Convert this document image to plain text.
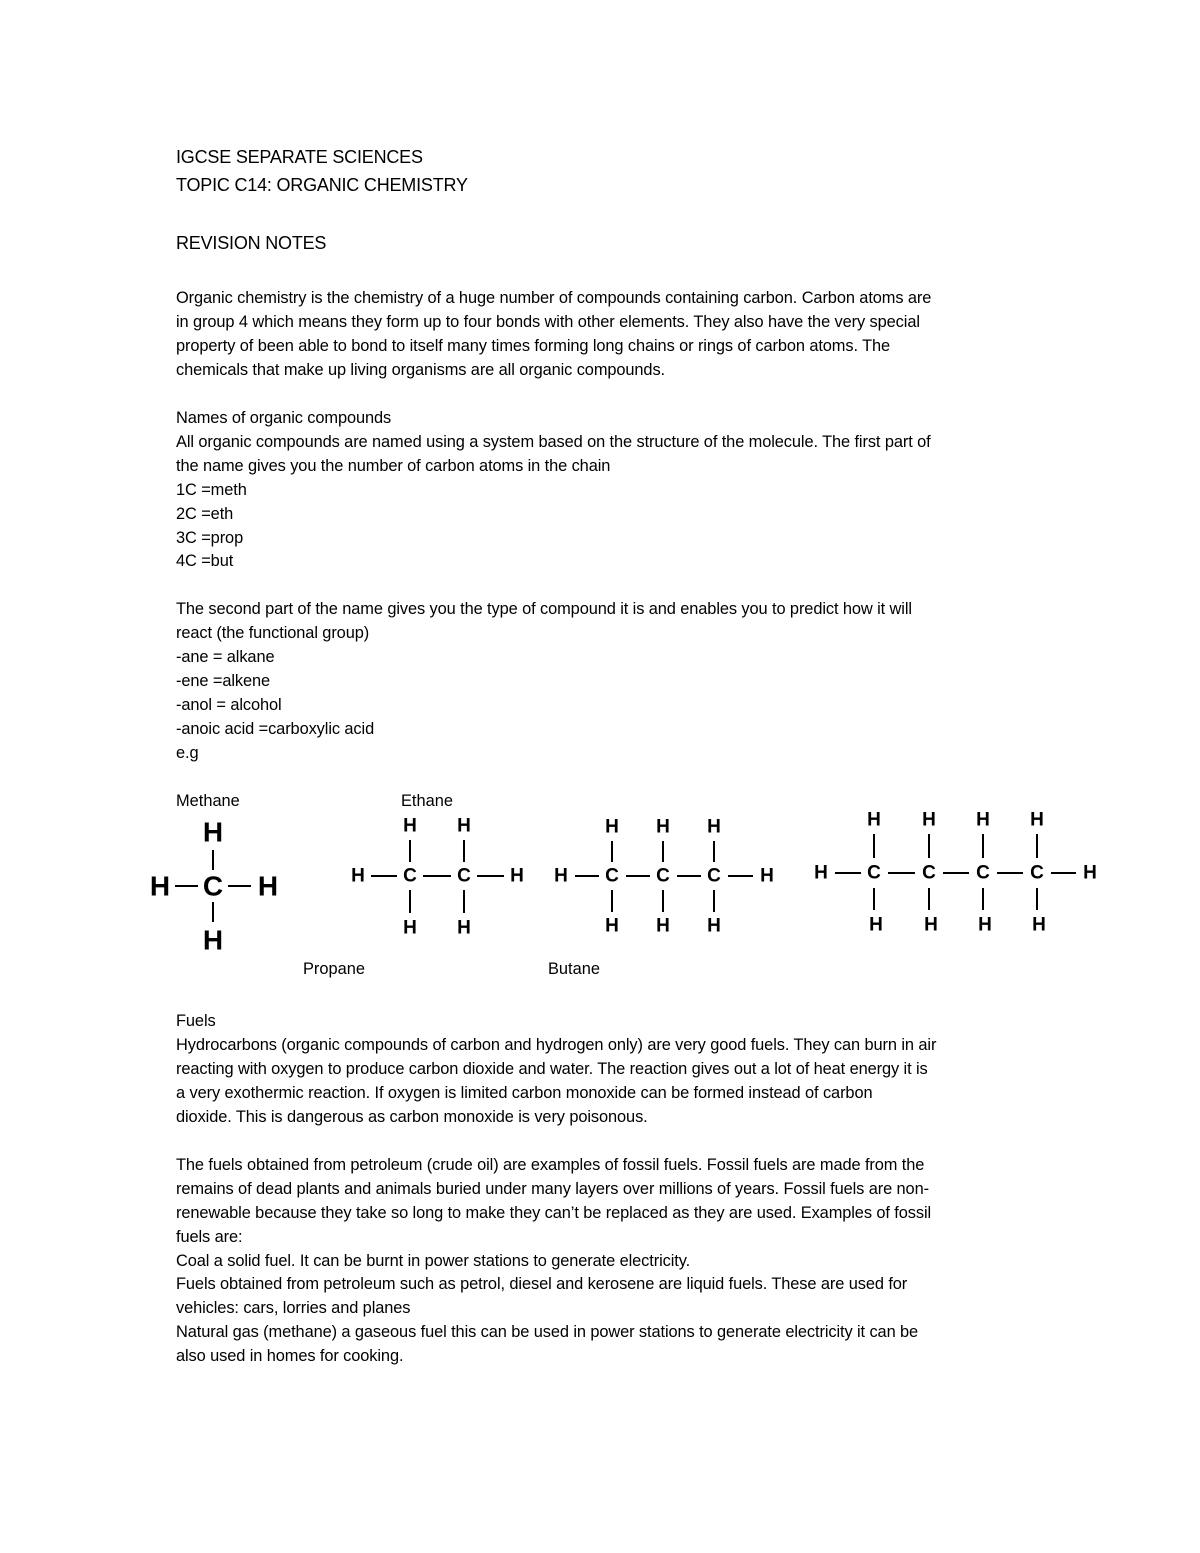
IGCSE SEPARATE SCIENCES
TOPIC C14: ORGANIC CHEMISTRY
REVISION NOTES
Organic chemistry is the chemistry of a huge number of compounds containing carbon. Carbon atoms are
in group 4 which means they form up to four bonds with other elements. They also have the very special
property of been able to bond to itself many times forming long chains or rings of carbon atoms. The
chemicals that make up living organisms are all organic compounds.
Names of organic compounds
All organic compounds are named using a system based on the structure of the molecule. The first part of
the name gives you the number of carbon atoms in the chain
1C =meth
2C =eth
3C =prop
4C =but
The second part of the name gives you the type of compound it is and enables you to predict how it will
react (the functional group)
-ane = alkane
-ene =alkene
-anol = alcohol
-anoic acid =carboxylic acid
e.g
Methane	Ethane
Propane	Butane
H
H C H
H
H H
H C C H
H H
H H H
H C C C H
H H H
H H H H
H C C C C H
H H H H
Fuels
Hydrocarbons (organic compounds of carbon and hydrogen only) are very good fuels. They can burn in air
reacting with oxygen to produce carbon dioxide and water. The reaction gives out a lot of heat energy it is
a very exothermic reaction. If oxygen is limited carbon monoxide can be formed instead of carbon
dioxide. This is dangerous as carbon monoxide is very poisonous.
The fuels obtained from petroleum (crude oil) are examples of fossil fuels. Fossil fuels are made from the
remains of dead plants and animals buried under many layers over millions of years. Fossil fuels are non-
renewable because they take so long to make they can’t be replaced as they are used. Examples of fossil
fuels are:
Coal a solid fuel. It can be burnt in power stations to generate electricity.
Fuels obtained from petroleum such as petrol, diesel and kerosene are liquid fuels. These are used for
vehicles: cars, lorries and planes
Natural gas (methane) a gaseous fuel this can be used in power stations to generate electricity it can be
also used in homes for cooking.
